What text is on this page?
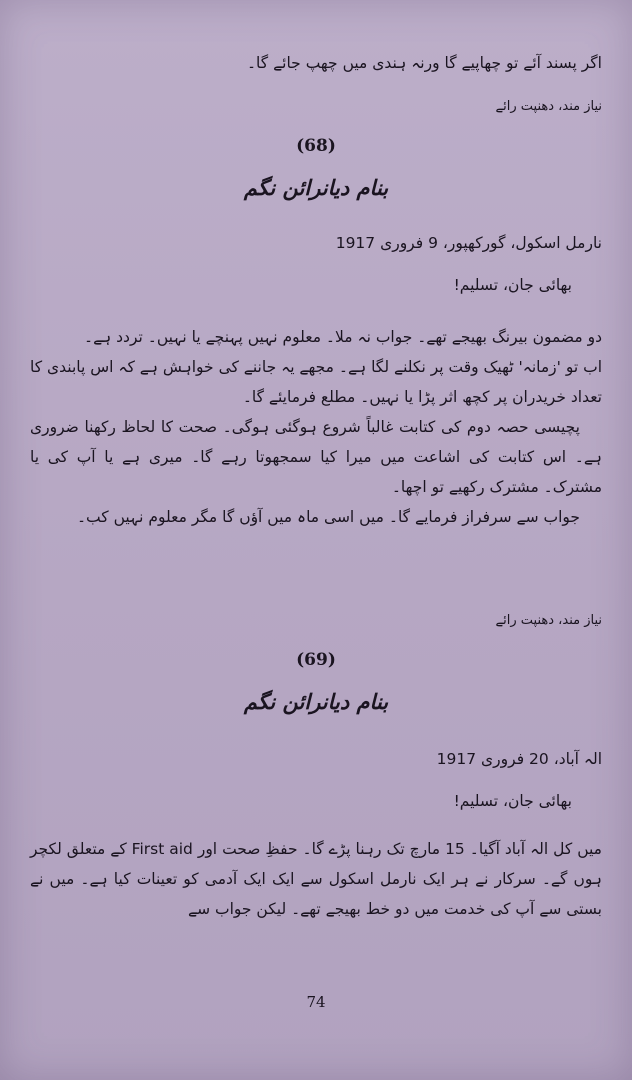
اگر پسند آئے تو چھاپیے گا ورنہ ہندی میں چھپ جائے گا۔
نیاز مند، دھنپت رائے
(68)
بنام دیانرائن نگم
نارمل اسکول، گورکھپور، 9 فروری 1917
بھائی جان، تسلیم!

دو مضمون بیرنگ بھیجے تھے۔ جواب نہ ملا۔ معلوم نہیں پہنچے یا نہیں۔ تردد ہے۔

اب تو 'زمانہ' ٹھیک وقت پر نکلنے لگا ہے۔ مجھے یہ جاننے کی خواہش ہے کہ اس پابندی کا تعداد خریدران پر کچھ اثر پڑا یا نہیں۔ مطلع فرمایئے گا۔

پچیسی حصہ دوم کی کتابت غالباً شروع ہوگئی ہوگی۔ صحت کا لحاظ رکھنا ضروری ہے۔ اس کتابت کی اشاعت میں میرا کیا سمجھوتا رہے گا۔ میری ہے یا آپ کی یا مشترک۔ مشترک رکھیے تو اچھا۔

جواب سے سرفراز فرمایے گا۔ میں اسی ماہ میں آؤں گا مگر معلوم نہیں کب۔

نیاز مند، دھنپت رائے
(69)
بنام دیانرائن نگم
الہ آباد، 20 فروری 1917
بھائی جان، تسلیم!

میں کل الہ آباد آگیا۔ 15 مارچ تک رہنا پڑے گا۔ حفظِ صحت اور First aid کے متعلق لکچر ہوں گے۔ سرکار نے ہر ایک نارمل اسکول سے ایک ایک آدمی کو تعینات کیا ہے۔ میں نے بستی سے آپ کی خدمت میں دو خط بھیجے تھے۔ لیکن جواب سے

74
